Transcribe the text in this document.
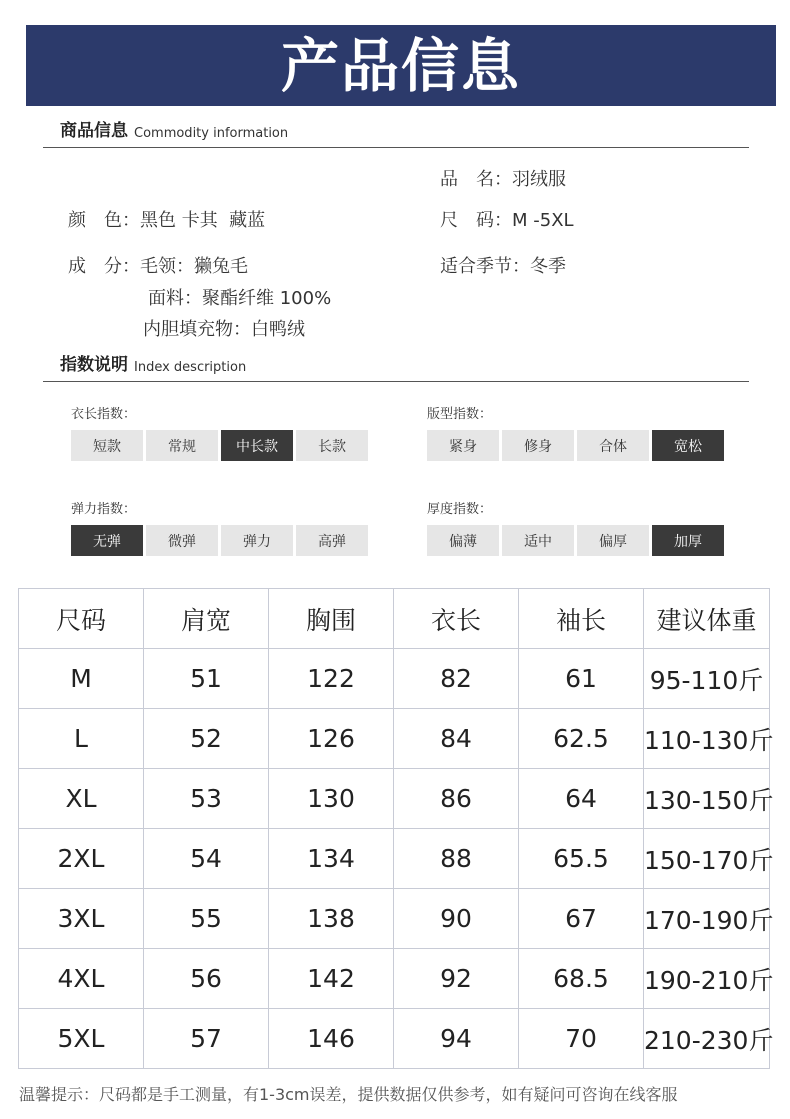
产品信息
商品信息 Commodity information
品　名：羽绒服
颜　色：黑色 卡其  藏蓝	尺　码：M -5XL
成　分：毛领：獭兔毛
面料：聚酯纤维 100%
内胆填充物：白鸭绒
适合季节：冬季
指数说明 Index description
衣长指数：
短款	常规	中长款	长款
版型指数：
紧身	修身	合体	宽松
弹力指数：
无弹	微弹	弹力	高弹
厚度指数：
偏薄	适中	偏厚	加厚
尺码	肩宽	胸围	衣长	袖长	建议体重
M	51	122	82	61	95-110斤
L	52	126	84	62.5	110-130斤
XL	53	130	86	64	130-150斤
2XL	54	134	88	65.5	150-170斤
3XL	55	138	90	67	170-190斤
4XL	56	142	92	68.5	190-210斤
5XL	57	146	94	70	210-230斤
温馨提示：尺码都是手工测量，有1-3cm误差，提供数据仅供参考，如有疑问可咨询在线客服
